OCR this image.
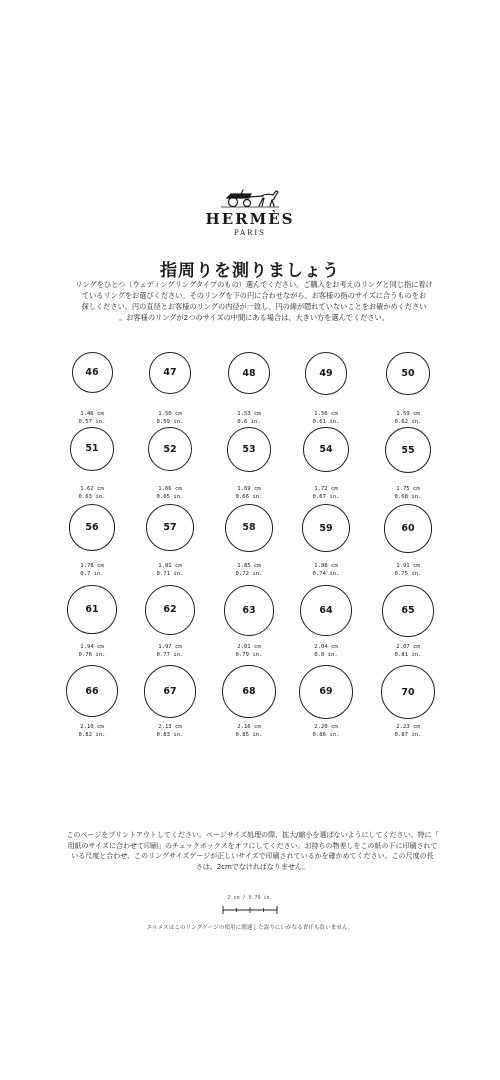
HERMÈS
PARIS
指周りを測りましょう
リングをひとつ（ウェディングリングタイプのもの）選んでください。ご購入をお考えのリングと同じ指に着け
ているリングをお選びください。そのリングを下の円に合わせながら、お客様の指のサイズに合うものをお
探しください。円の直径とお客様のリングの内径が一致し、円の線が隠れていないことをお確かめください
。お客様のリングが2つのサイズの中間にある場合は、大きい方を選んでください。
46
1.46 cm
0.57 in.
47
1.50 cm
0.59 in.
48
1.53 cm
0.6 in.
49
1.56 cm
0.61 in.
50
1.59 cm
0.62 in.
51
1.62 cm
0.63 in.
52
1.66 cm
0.65 in.
53
1.69 cm
0.66 in.
54
1.72 cm
0.67 in.
55
1.75 cm
0.68 in.
56
1.78 cm
0.7 in.
57
1.81 cm
0.71 in.
58
1.85 cm
0.72 in.
59
1.88 cm
0.74 in.
60
1.91 cm
0.75 in.
61
1.94 cm
0.76 in.
62
1.97 cm
0.77 in.
63
2.01 cm
0.79 in.
64
2.04 cm
0.8 in.
65
2.07 cm
0.81 in.
66
2.10 cm
0.82 in.
67
2.13 cm
0.83 in.
68
2.16 cm
0.85 in.
69
2.20 cm
0.86 in.
70
2.23 cm
0.87 in.
このページをプリントアウトしてください。ページサイズ処理の際、拡大/縮小を選ばないようにしてください。特に「
用紙のサイズに合わせて印刷」のチェックボックスをオフにしてください。お持ちの物差しをこの紙の下に印刷されて
いる尺度と合わせ、このリングサイズゲージが正しいサイズで印刷されているかを確かめてください。この尺度の長
さは、2cmでなければなりません。
2 cm / 0.79 in.
エルメスはこのリングゲージの使用に関連した誤りにいかなる責任も負いません。
